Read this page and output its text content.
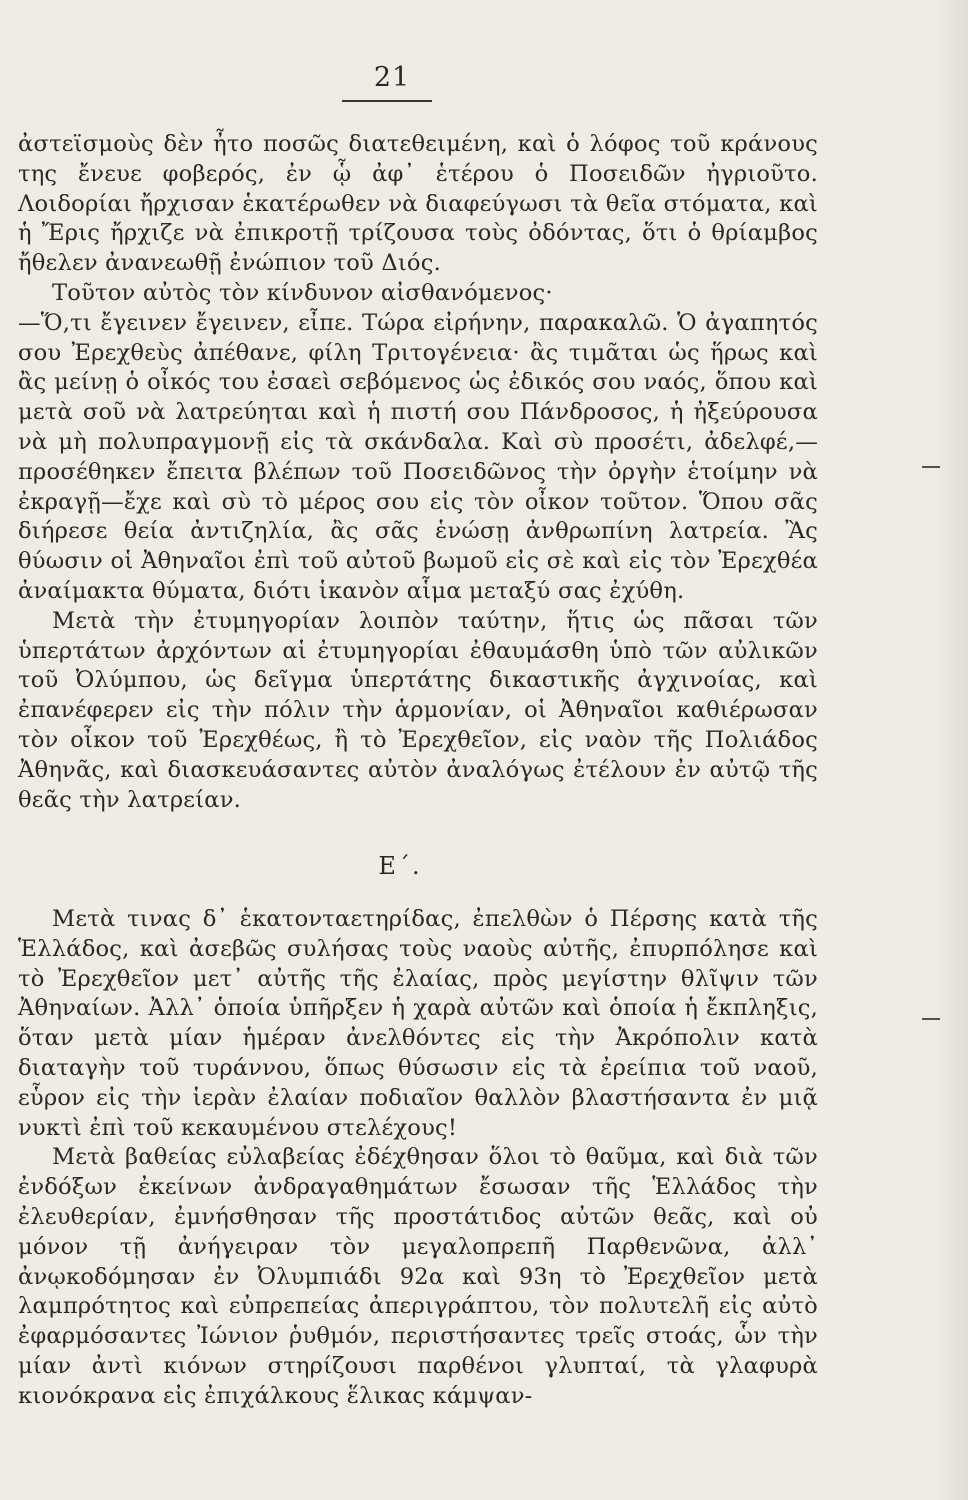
21

ἀστεϊσμοὺς δὲν ἦτο ποσῶς διατεθειμένη, καὶ ὁ λόφος τοῦ κράνους της ἔνευε φοβερός, ἐν ᾧ ἀφ᾽ ἑτέρου ὁ Ποσειδῶν ἠγριοῦτο. Λοιδορίαι ἤρχισαν ἑκατέρωθεν νὰ διαφεύγωσι τὰ θεῖα στόματα, καὶ ἡ Ἔρις ἤρχιζε νὰ ἐπικροτῇ τρίζουσα τοὺς ὀδόντας, ὅτι ὁ θρίαμβος ἤθελεν ἀνανεωθῇ ἐνώπιον τοῦ Διός.

Τοῦτον αὐτὸς τὸν κίνδυνον αἰσθανόμενος·

—Ὅ,τι ἔγεινεν ἔγεινεν, εἶπε. Τώρα εἰρήνην, παρακαλῶ. Ὁ ἀγαπητός σου Ἐρεχθεὺς ἀπέθανε, φίλη Τριτογένεια· ἂς τιμᾶται ὡς ἥρως καὶ ἂς μείνῃ ὁ οἶκός του ἐσαεὶ σεβόμενος ὡς ἐδικός σου ναός, ὅπου καὶ μετὰ σοῦ νὰ λατρεύηται καὶ ἡ πιστή σου Πάνδροσος, ἡ ἠξεύρουσα νὰ μὴ πολυπραγμονῇ εἰς τὰ σκάνδαλα. Καὶ σὺ προσέτι, ἀδελφέ,—προσέθηκεν ἔπειτα βλέπων τοῦ Ποσειδῶνος τὴν ὀργὴν ἑτοίμην νὰ ἐκραγῇ—ἔχε καὶ σὺ τὸ μέρος σου εἰς τὸν οἶκον τοῦτον. Ὅπου σᾶς διήρεσε θεία ἀντιζηλία, ἂς σᾶς ἑνώσῃ ἀνθρωπίνη λατρεία. Ἂς θύωσιν οἱ Ἀθηναῖοι ἐπὶ τοῦ αὐτοῦ βωμοῦ εἰς σὲ καὶ εἰς τὸν Ἐρεχθέα ἀναίμακτα θύματα, διότι ἱκανὸν αἷμα μεταξύ σας ἐχύθη.

Μετὰ τὴν ἐτυμηγορίαν λοιπὸν ταύτην, ἥτις ὡς πᾶσαι τῶν ὑπερτάτων ἀρχόντων αἱ ἐτυμηγορίαι ἐθαυμάσθη ὑπὸ τῶν αὐλικῶν τοῦ Ὀλύμπου, ὡς δεῖγμα ὑπερτάτης δικαστικῆς ἀγχινοίας, καὶ ἐπανέφερεν εἰς τὴν πόλιν τὴν ἁρμονίαν, οἱ Ἀθηναῖοι καθιέρωσαν τὸν οἶκον τοῦ Ἐρεχθέως, ἢ τὸ Ἐρεχθεῖον, εἰς ναὸν τῆς Πολιάδος Ἀθηνᾶς, καὶ διασκευάσαντες αὐτὸν ἀναλόγως ἐτέλουν ἐν αὐτῷ τῆς θεᾶς τὴν λατρείαν.

Ε΄.

Μετὰ τινας δ᾽ ἑκατονταετηρίδας, ἐπελθὼν ὁ Πέρσης κατὰ τῆς Ἑλλάδος, καὶ ἀσεβῶς συλήσας τοὺς ναοὺς αὐτῆς, ἐπυρπόλησε καὶ τὸ Ἐρεχθεῖον μετ᾽ αὐτῆς τῆς ἐλαίας, πρὸς μεγίστην θλῖψιν τῶν Ἀθηναίων. Ἀλλ᾽ ὁποία ὑπῆρξεν ἡ χαρὰ αὐτῶν καὶ ὁποία ἡ ἔκπληξις, ὅταν μετὰ μίαν ἡμέραν ἀνελθόντες εἰς τὴν Ἀκρόπολιν κατὰ διαταγὴν τοῦ τυράννου, ὅπως θύσωσιν εἰς τὰ ἐρείπια τοῦ ναοῦ, εὗρον εἰς τὴν ἱερὰν ἐλαίαν ποδιαῖον θαλλὸν βλαστήσαντα ἐν μιᾷ νυκτὶ ἐπὶ τοῦ κεκαυμένου στελέχους!

Μετὰ βαθείας εὐλαβείας ἐδέχθησαν ὅλοι τὸ θαῦμα, καὶ διὰ τῶν ἐνδόξων ἐκείνων ἀνδραγαθημάτων ἔσωσαν τῆς Ἑλλάδος τὴν ἐλευθερίαν, ἐμνήσθησαν τῆς προστάτιδος αὐτῶν θεᾶς, καὶ οὐ μόνον τῇ ἀνήγειραν τὸν μεγαλοπρεπῆ Παρθενῶνα, ἀλλ᾽ ἀνῳκοδόμησαν ἐν Ὀλυμπιάδι 92α καὶ 93η τὸ Ἐρεχθεῖον μετὰ λαμπρότητος καὶ εὐπρεπείας ἀπεριγράπτου, τὸν πολυτελῆ εἰς αὐτὸ ἐφαρμόσαντες Ἰώνιον ῥυθμόν, περιστήσαντες τρεῖς στοάς, ὧν τὴν μίαν ἀντὶ κιόνων στηρίζουσι παρθένοι γλυπταί, τὰ γλαφυρὰ κιονόκρανα εἰς ἐπιχάλκους ἕλικας κάμψαν-
